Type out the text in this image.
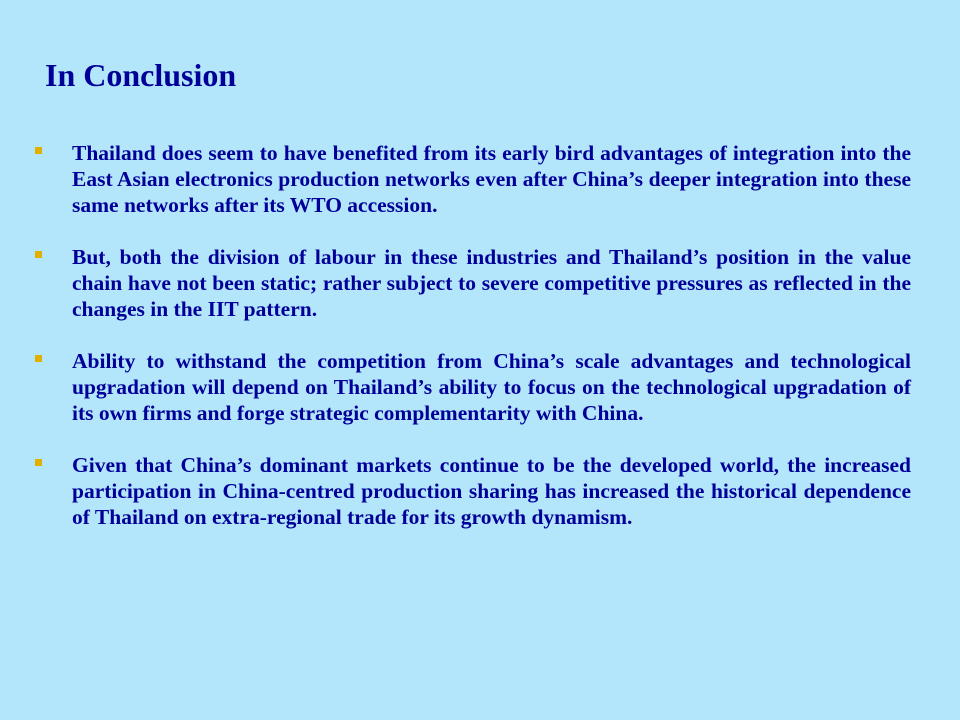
In Conclusion
Thailand does seem to have benefited from its early bird advantages of integration into the East Asian electronics production networks even after China’s deeper integration into these same networks after its WTO accession.
But, both the division of labour in these industries and Thailand’s position in the value chain have not been static; rather subject to severe competitive pressures as reflected in the changes in the IIT pattern.
Ability to withstand the competition from China’s scale advantages and technological upgradation will depend on Thailand’s ability to focus on the technological upgradation of its own firms and forge strategic complementarity with China.
Given that China’s dominant markets continue to be the developed world, the increased participation in China-centred production sharing has increased the historical dependence of Thailand on extra-regional trade for its growth dynamism.
